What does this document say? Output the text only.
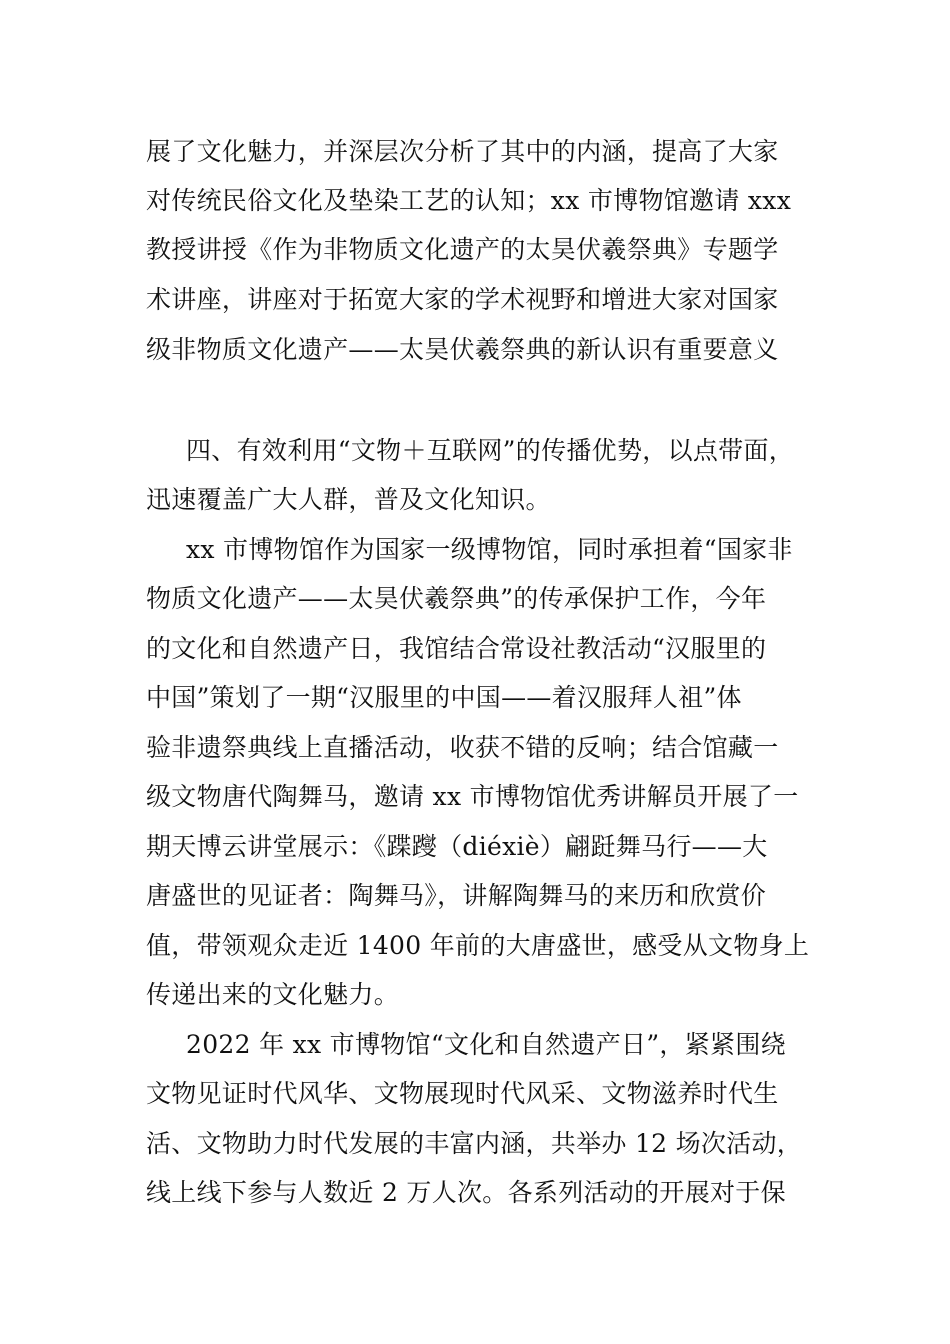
展了文化魅力，并深层次分析了其中的内涵，提高了大家
对传统民俗文化及垫染工艺的认知；xx 市博物馆邀请 xxx
教授讲授《作为非物质文化遗产的太昊伏羲祭典》专题学
术讲座，讲座对于拓宽大家的学术视野和增进大家对国家
级非物质文化遗产——太昊伏羲祭典的新认识有重要意义
四、有效利用“文物＋互联网”的传播优势，以点带面，
迅速覆盖广大人群，普及文化知识。
xx 市博物馆作为国家一级博物馆，同时承担着“国家非
物质文化遗产——太昊伏羲祭典”的传承保护工作，今年
的文化和自然遗产日，我馆结合常设社教活动“汉服里的
中国”策划了一期“汉服里的中国——着汉服拜人祖”体
验非遗祭典线上直播活动，收获不错的反响；结合馆藏一
级文物唐代陶舞马，邀请 xx 市博物馆优秀讲解员开展了一
期天博云讲堂展示：《蹀躞（diéxiè）翩跹舞马行——大
唐盛世的见证者：陶舞马》，讲解陶舞马的来历和欣赏价
值，带领观众走近 1400 年前的大唐盛世，感受从文物身上
传递出来的文化魅力。
2022 年 xx 市博物馆“文化和自然遗产日”，紧紧围绕
文物见证时代风华、文物展现时代风采、文物滋养时代生
活、文物助力时代发展的丰富内涵，共举办 12 场次活动，
线上线下参与人数近 2 万人次。各系列活动的开展对于保
